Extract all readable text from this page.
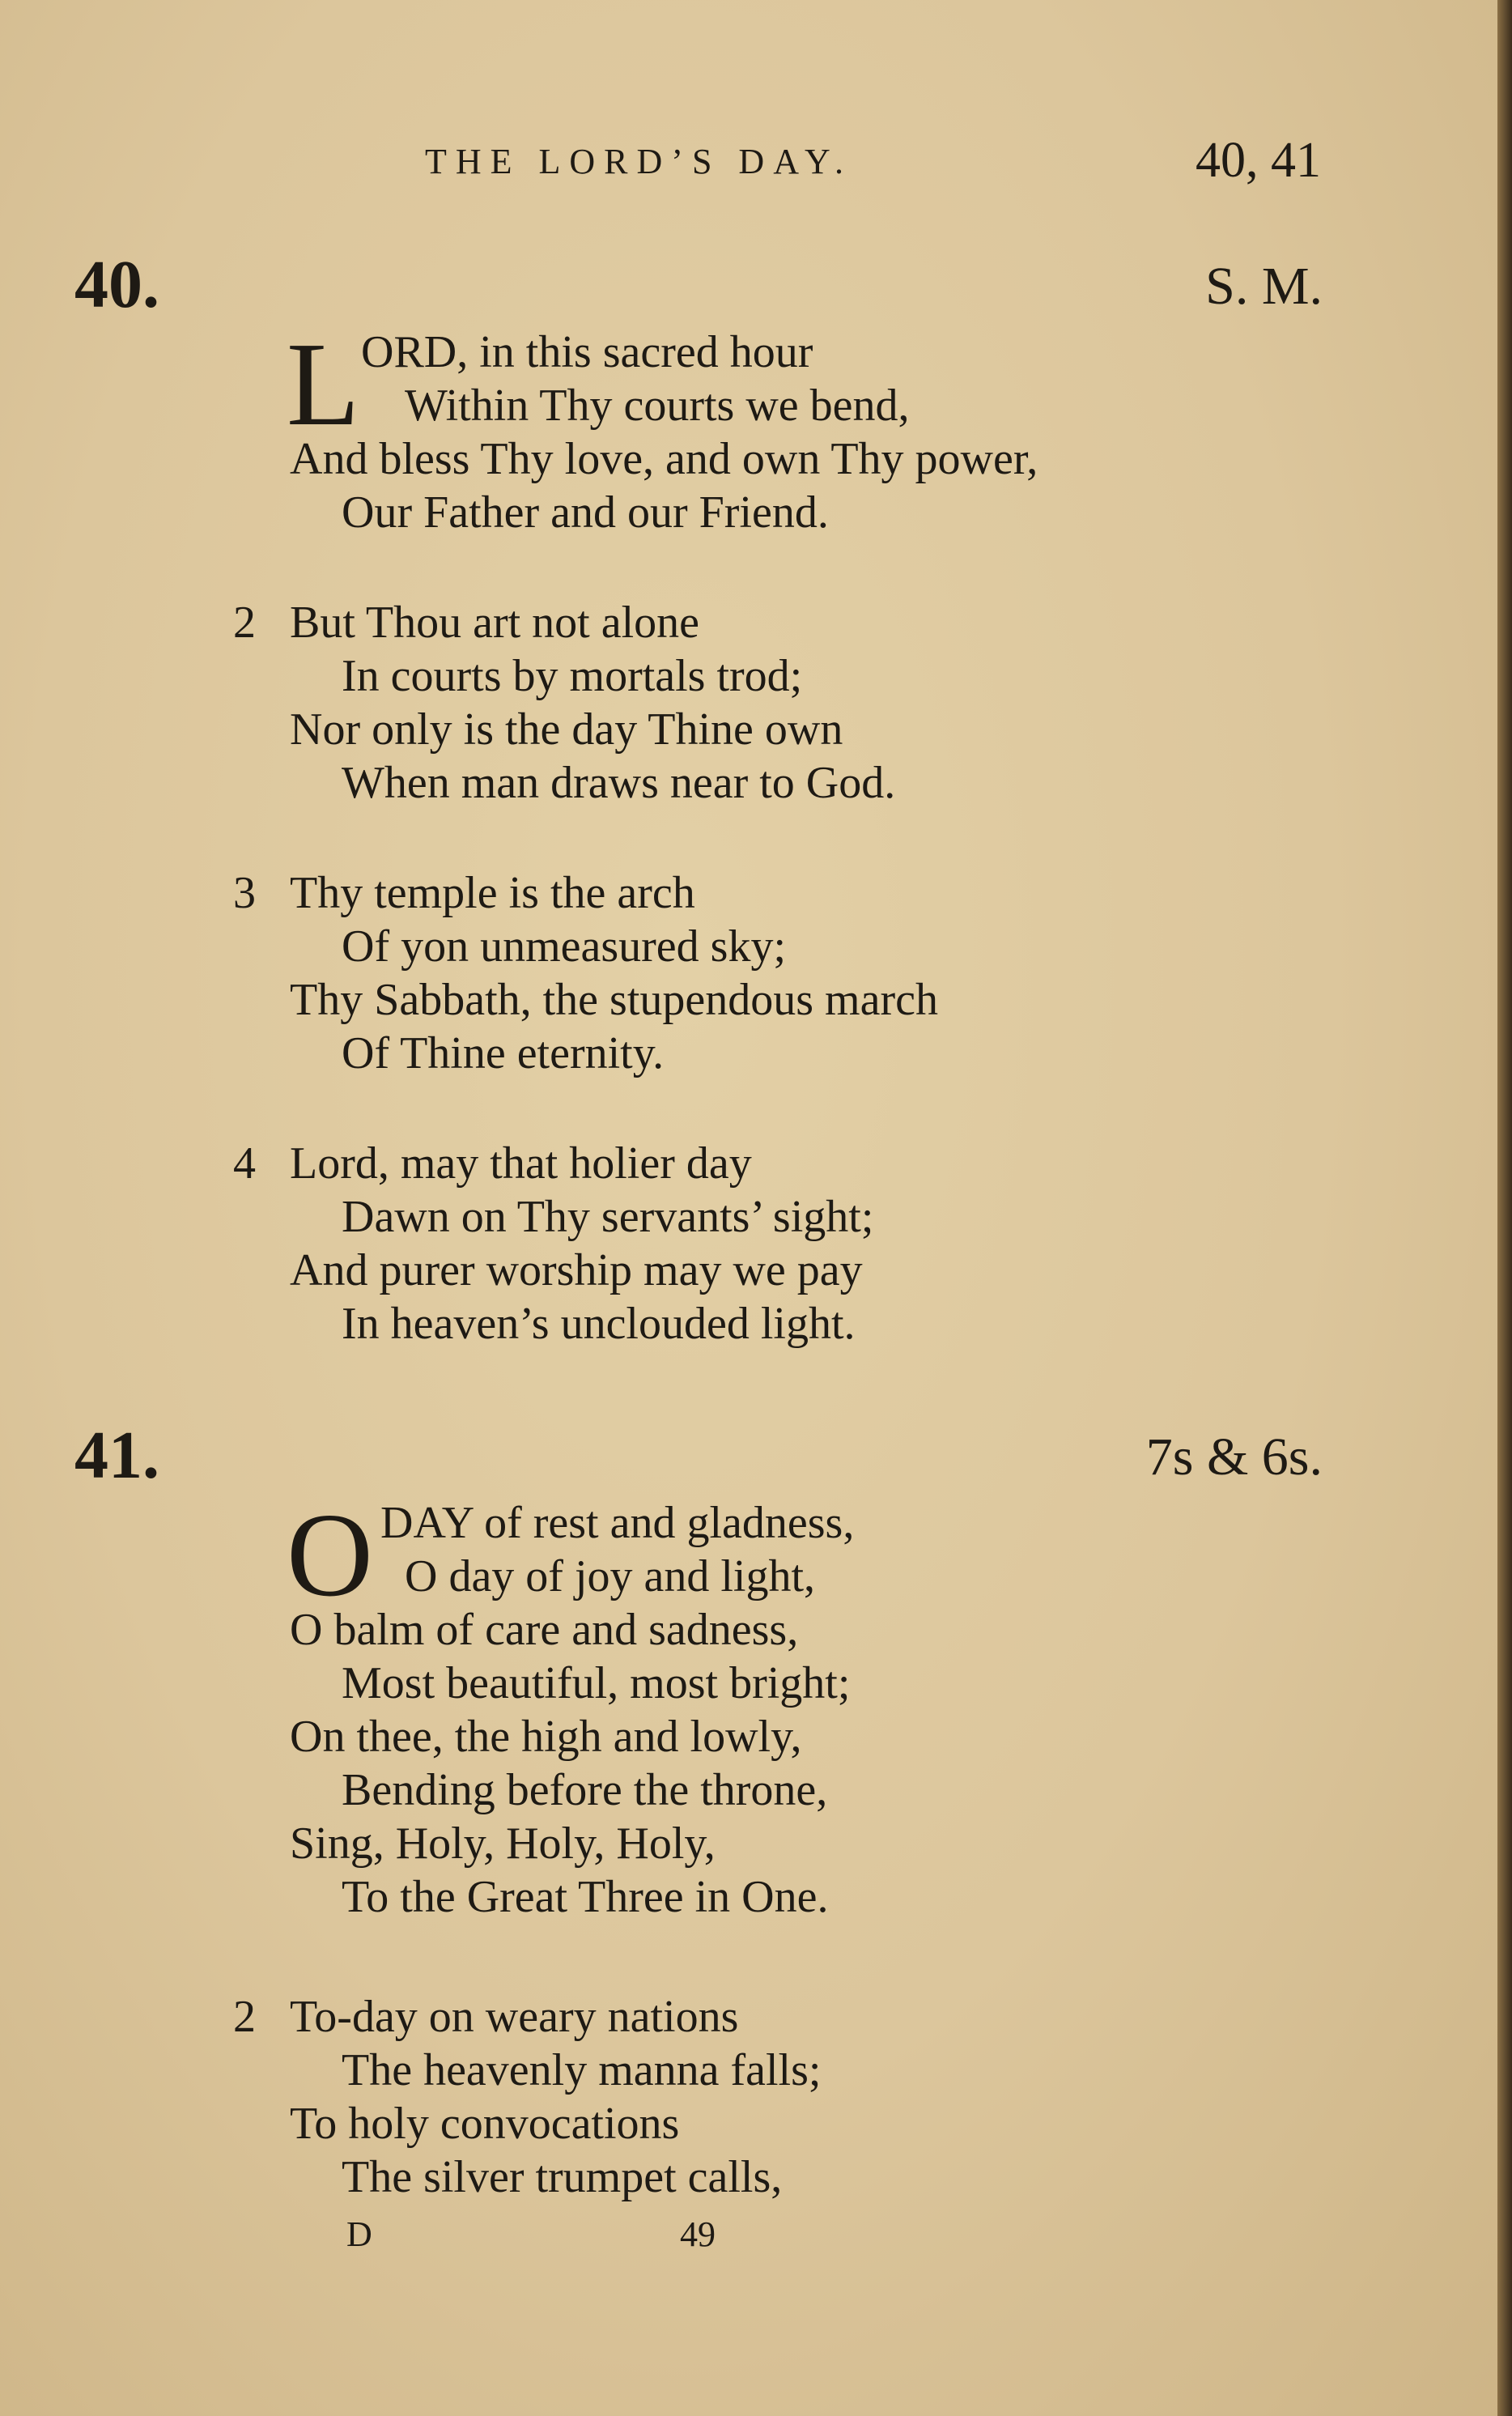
THE LORD’S DAY.	40, 41
40.	S. M.
L ORD, in this sacred hour
Within Thy courts we bend,
And bless Thy love, and own Thy power,
Our Father and our Friend.
2 But Thou art not alone
In courts by mortals trod;
Nor only is the day Thine own
When man draws near to God.
3 Thy temple is the arch
Of yon unmeasured sky;
Thy Sabbath, the stupendous march
Of Thine eternity.
4 Lord, may that holier day
Dawn on Thy servants’ sight;
And purer worship may we pay
In heaven’s unclouded light.
41.	7s & 6s.
O DAY of rest and gladness,
O day of joy and light,
O balm of care and sadness,
Most beautiful, most bright;
On thee, the high and lowly,
Bending before the throne,
Sing, Holy, Holy, Holy,
To the Great Three in One.
2 To-day on weary nations
The heavenly manna falls;
To holy convocations
The silver trumpet calls,
D	49
